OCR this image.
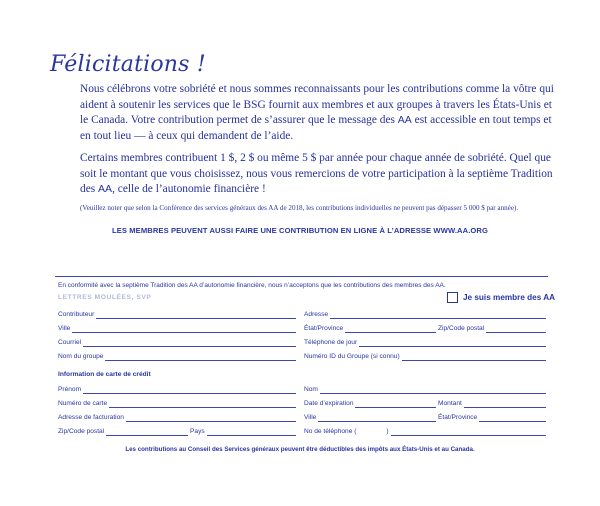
Félicitations !

Nous célébrons votre sobriété et nous sommes reconnaissants pour les contributions comme la vôtre qui aident à soutenir les services que le BSG fournit aux membres et aux groupes à travers les États-Unis et le Canada. Votre contribution permet de s’assurer que le message des AA est accessible en tout temps et en tout lieu — à ceux qui demandent de l’aide.

Certains membres contribuent 1 $, 2 $ ou même 5 $ par année pour chaque année de sobriété. Quel que soit le montant que vous choisissez, nous vous remercions de votre participation à la septième Tradition des AA, celle de l’autonomie financière !

(Veuillez noter que selon la Conférence des services généraux des AA de 2018, les contributions individuelles ne peuvent pas dépasser 5 000 $ par année).

LES MEMBRES PEUVENT AUSSI FAIRE UNE CONTRIBUTION EN LIGNE À L’ADRESSE WWW.AA.ORG

En conformité avec la septième Tradition des AA d’autonomie financière, nous n’acceptons que les contributions des membres des AA.

LETTRES MOULÉES, SVP	Je suis membre des AA
Contributeur	Adresse
Ville	État/Province	Zip/Code postal
Courriel	Téléphone de jour
Nom du groupe	Numéro ID du Groupe (si connu)
Information de carte de crédit
Prénom	Nom
Numéro de carte	Date d’expiration	Montant
Adresse de facturation	Ville	État/Province
Zip/Code postal	Pays	No de téléphone (	)

Les contributions au Conseil des Services généraux peuvent être déductibles des impôts aux États-Unis et au Canada.
